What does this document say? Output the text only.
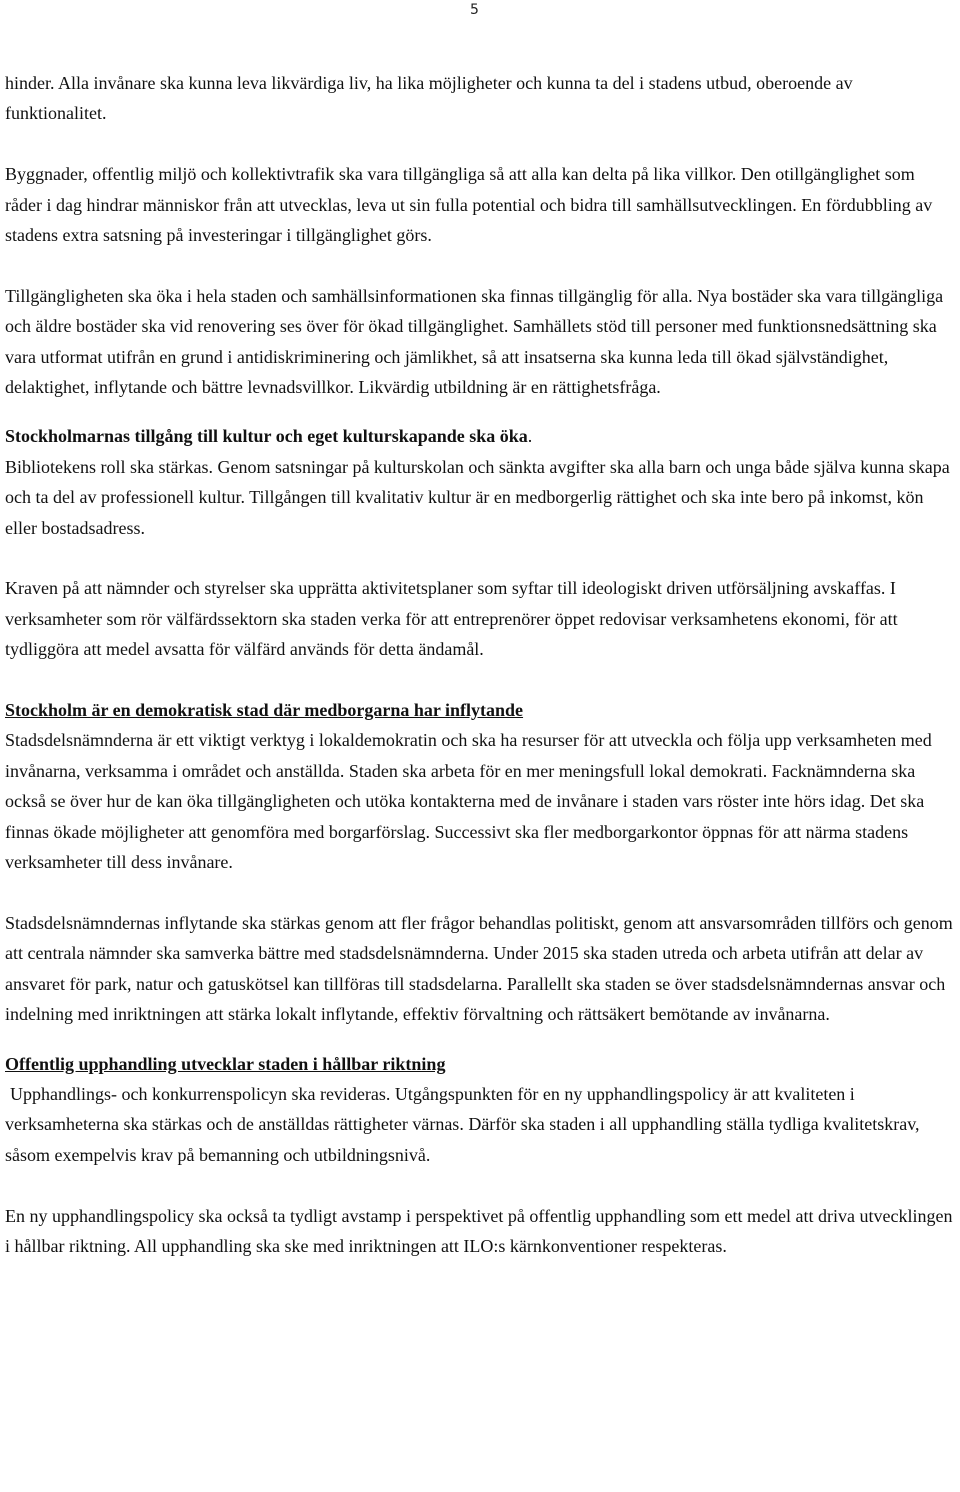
5

hinder. Alla invånare ska kunna leva likvärdiga liv, ha lika möjligheter och kunna ta del i stadens utbud, oberoende av funktionalitet.

Byggnader, offentlig miljö och kollektivtrafik ska vara tillgängliga så att alla kan delta på lika villkor. Den otillgänglighet som råder i dag hindrar människor från att utvecklas, leva ut sin fulla potential och bidra till samhällsutvecklingen. En fördubbling av stadens extra satsning på investeringar i tillgänglighet görs.

Tillgängligheten ska öka i hela staden och samhällsinformationen ska finnas tillgänglig för alla. Nya bostäder ska vara tillgängliga och äldre bostäder ska vid renovering ses över för ökad tillgänglighet. Samhällets stöd till personer med funktionsnedsättning ska vara utformat utifrån en grund i antidiskriminering och jämlikhet, så att insatserna ska kunna leda till ökad självständighet, delaktighet, inflytande och bättre levnadsvillkor. Likvärdig utbildning är en rättighetsfråga.

Stockholmarnas tillgång till kultur och eget kulturskapande ska öka.

Bibliotekens roll ska stärkas. Genom satsningar på kulturskolan och sänkta avgifter ska alla barn och unga både själva kunna skapa och ta del av professionell kultur. Tillgången till kvalitativ kultur är en medborgerlig rättighet och ska inte bero på inkomst, kön eller bostadsadress.

Kraven på att nämnder och styrelser ska upprätta aktivitetsplaner som syftar till ideologiskt driven utförsäljning avskaffas. I verksamheter som rör välfärdssektorn ska staden verka för att entreprenörer öppet redovisar verksamhetens ekonomi, för att tydliggöra att medel avsatta för välfärd används för detta ändamål.

Stockholm är en demokratisk stad där medborgarna har inflytande

Stadsdelsnämnderna är ett viktigt verktyg i lokaldemokratin och ska ha resurser för att utveckla och följa upp verksamheten med invånarna, verksamma i området och anställda. Staden ska arbeta för en mer meningsfull lokal demokrati. Facknämnderna ska också se över hur de kan öka tillgängligheten och utöka kontakterna med de invånare i staden vars röster inte hörs idag. Det ska finnas ökade möjligheter att genomföra med borgarförslag. Successivt ska fler medborgarkontor öppnas för att närma stadens verksamheter till dess invånare.

Stadsdelsnämndernas inflytande ska stärkas genom att fler frågor behandlas politiskt, genom att ansvarsområden tillförs och genom att centrala nämnder ska samverka bättre med stadsdelsnämnderna. Under 2015 ska staden utreda och arbeta utifrån att delar av ansvaret för park, natur och gatuskötsel kan tillföras till stadsdelarna. Parallellt ska staden se över stadsdelsnämndernas ansvar och indelning med inriktningen att stärka lokalt inflytande, effektiv förvaltning och rättsäkert bemötande av invånarna.

Offentlig upphandling utvecklar staden i hållbar riktning

Upphandlings- och konkurrenspolicyn ska revideras. Utgångspunkten för en ny upphandlingspolicy är att kvaliteten i verksamheterna ska stärkas och de anställdas rättigheter värnas. Därför ska staden i all upphandling ställa tydliga kvalitetskrav, såsom exempelvis krav på bemanning och utbildningsnivå.

En ny upphandlingspolicy ska också ta tydligt avstamp i perspektivet på offentlig upphandling som ett medel att driva utvecklingen i hållbar riktning. All upphandling ska ske med inriktningen att ILO:s kärnkonventioner respekteras.
